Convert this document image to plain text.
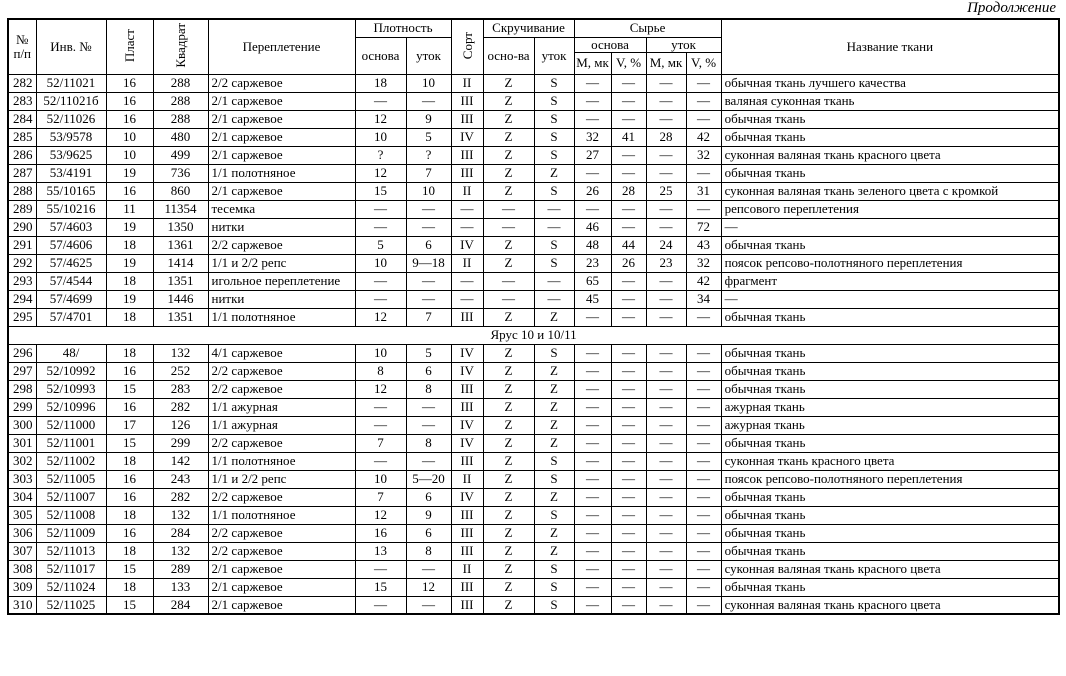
Продолжение
№ п/п	Инв. №	Пласт	Квадрат	Переплетение	Плотность		Сорт	Скручивание		Сырье				Название ткани
					основа	уток		осно-ва	уток	основа		уток		
										М, мк	V, %	М, мк	V, %	
282	52/11021	16	288	2/2 саржевое	18	10	II	Z	S	—	—	—	—	обычная ткань лучшего качества
283	52/11021б	16	288	2/1 саржевое	—	—	III	Z	S	—	—	—	—	валяная суконная ткань
284	52/11026	16	288	2/1 саржевое	12	9	III	Z	S	—	—	—	—	обычная ткань
285	53/9578	10	480	2/1 саржевое	10	5	IV	Z	S	32	41	28	42	обычная ткань
286	53/9625	10	499	2/1 саржевое	?	?	III	Z	S	27	—	—	32	суконная валяная ткань красного цвета
287	53/4191	19	736	1/1 полотняное	12	7	III	Z	Z	—	—	—	—	обычная ткань
288	55/10165	16	860	2/1 саржевое	15	10	II	Z	S	26	28	25	31	суконная валяная ткань зеленого цвета с кромкой
289	55/10216	11	11354	тесемка	—	—	—	—	—	—	—	—	—	репсового переплетения
290	57/4603	19	1350	нитки	—	—	—	—	—	46	—	—	72	—
291	57/4606	18	1361	2/2 саржевое	5	6	IV	Z	S	48	44	24	43	обычная ткань
292	57/4625	19	1414	1/1 и 2/2 репс	10	9—18	II	Z	S	23	26	23	32	поясок репсово-полотняного переплетения
293	57/4544	18	1351	игольное переплетение	—	—	—	—	—	65	—	—	42	фрагмент
294	57/4699	19	1446	нитки	—	—	—	—	—	45	—	—	34	—
295	57/4701	18	1351	1/1 полотняное	12	7	III	Z	Z	—	—	—	—	обычная ткань
Ярус 10 и 10/11														
296	48/	18	132	4/1 саржевое	10	5	IV	Z	S	—	—	—	—	обычная ткань
297	52/10992	16	252	2/2 саржевое	8	6	IV	Z	Z	—	—	—	—	обычная ткань
298	52/10993	15	283	2/2 саржевое	12	8	III	Z	Z	—	—	—	—	обычная ткань
299	52/10996	16	282	1/1 ажурная	—	—	III	Z	Z	—	—	—	—	ажурная ткань
300	52/11000	17	126	1/1 ажурная	—	—	IV	Z	Z	—	—	—	—	ажурная ткань
301	52/11001	15	299	2/2 саржевое	7	8	IV	Z	Z	—	—	—	—	обычная ткань
302	52/11002	18	142	1/1 полотняное	—	—	III	Z	S	—	—	—	—	суконная ткань красного цвета
303	52/11005	16	243	1/1 и 2/2 репс	10	5—20	II	Z	S	—	—	—	—	поясок репсово-полотняного переплетения
304	52/11007	16	282	2/2 саржевое	7	6	IV	Z	Z	—	—	—	—	обычная ткань
305	52/11008	18	132	1/1 полотняное	12	9	III	Z	S	—	—	—	—	обычная ткань
306	52/11009	16	284	2/2 саржевое	16	6	III	Z	Z	—	—	—	—	обычная ткань
307	52/11013	18	132	2/2 саржевое	13	8	III	Z	Z	—	—	—	—	обычная ткань
308	52/11017	15	289	2/1 саржевое	—	—	II	Z	S	—	—	—	—	суконная валяная ткань красного цвета
309	52/11024	18	133	2/1 саржевое	15	12	III	Z	S	—	—	—	—	обычная ткань
310	52/11025	15	284	2/1 саржевое	—	—	III	Z	S	—	—	—	—	суконная валяная ткань красного цвета
